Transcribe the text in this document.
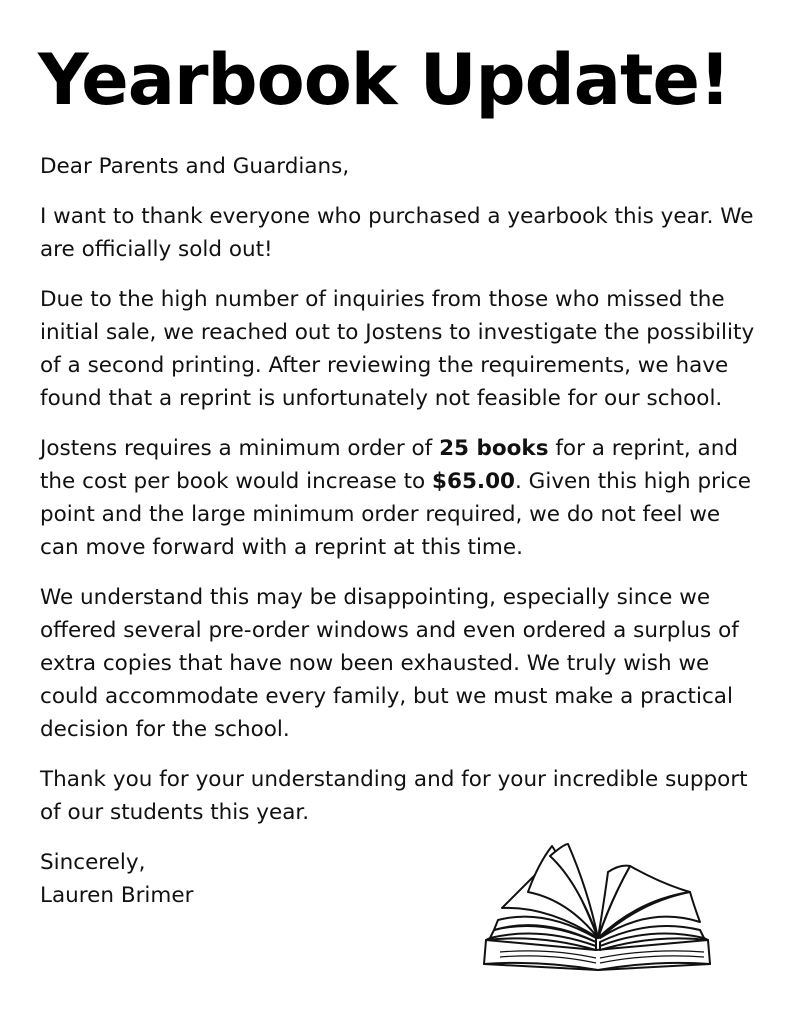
Yearbook Update!

Dear Parents and Guardians,

I want to thank everyone who purchased a yearbook this year. We are officially sold out!

Due to the high number of inquiries from those who missed the initial sale, we reached out to Jostens to investigate the possibility of a second printing. After reviewing the requirements, we have found that a reprint is unfortunately not feasible for our school.

Jostens requires a minimum order of 25 books for a reprint, and the cost per book would increase to $65.00. Given this high price point and the large minimum order required, we do not feel we can move forward with a reprint at this time.

We understand this may be disappointing, especially since we offered several pre-order windows and even ordered a surplus of extra copies that have now been exhausted. We truly wish we could accommodate every family, but we must make a practical decision for the school.

Thank you for your understanding and for your incredible support of our students this year.

Sincerely,
Lauren Brimer
